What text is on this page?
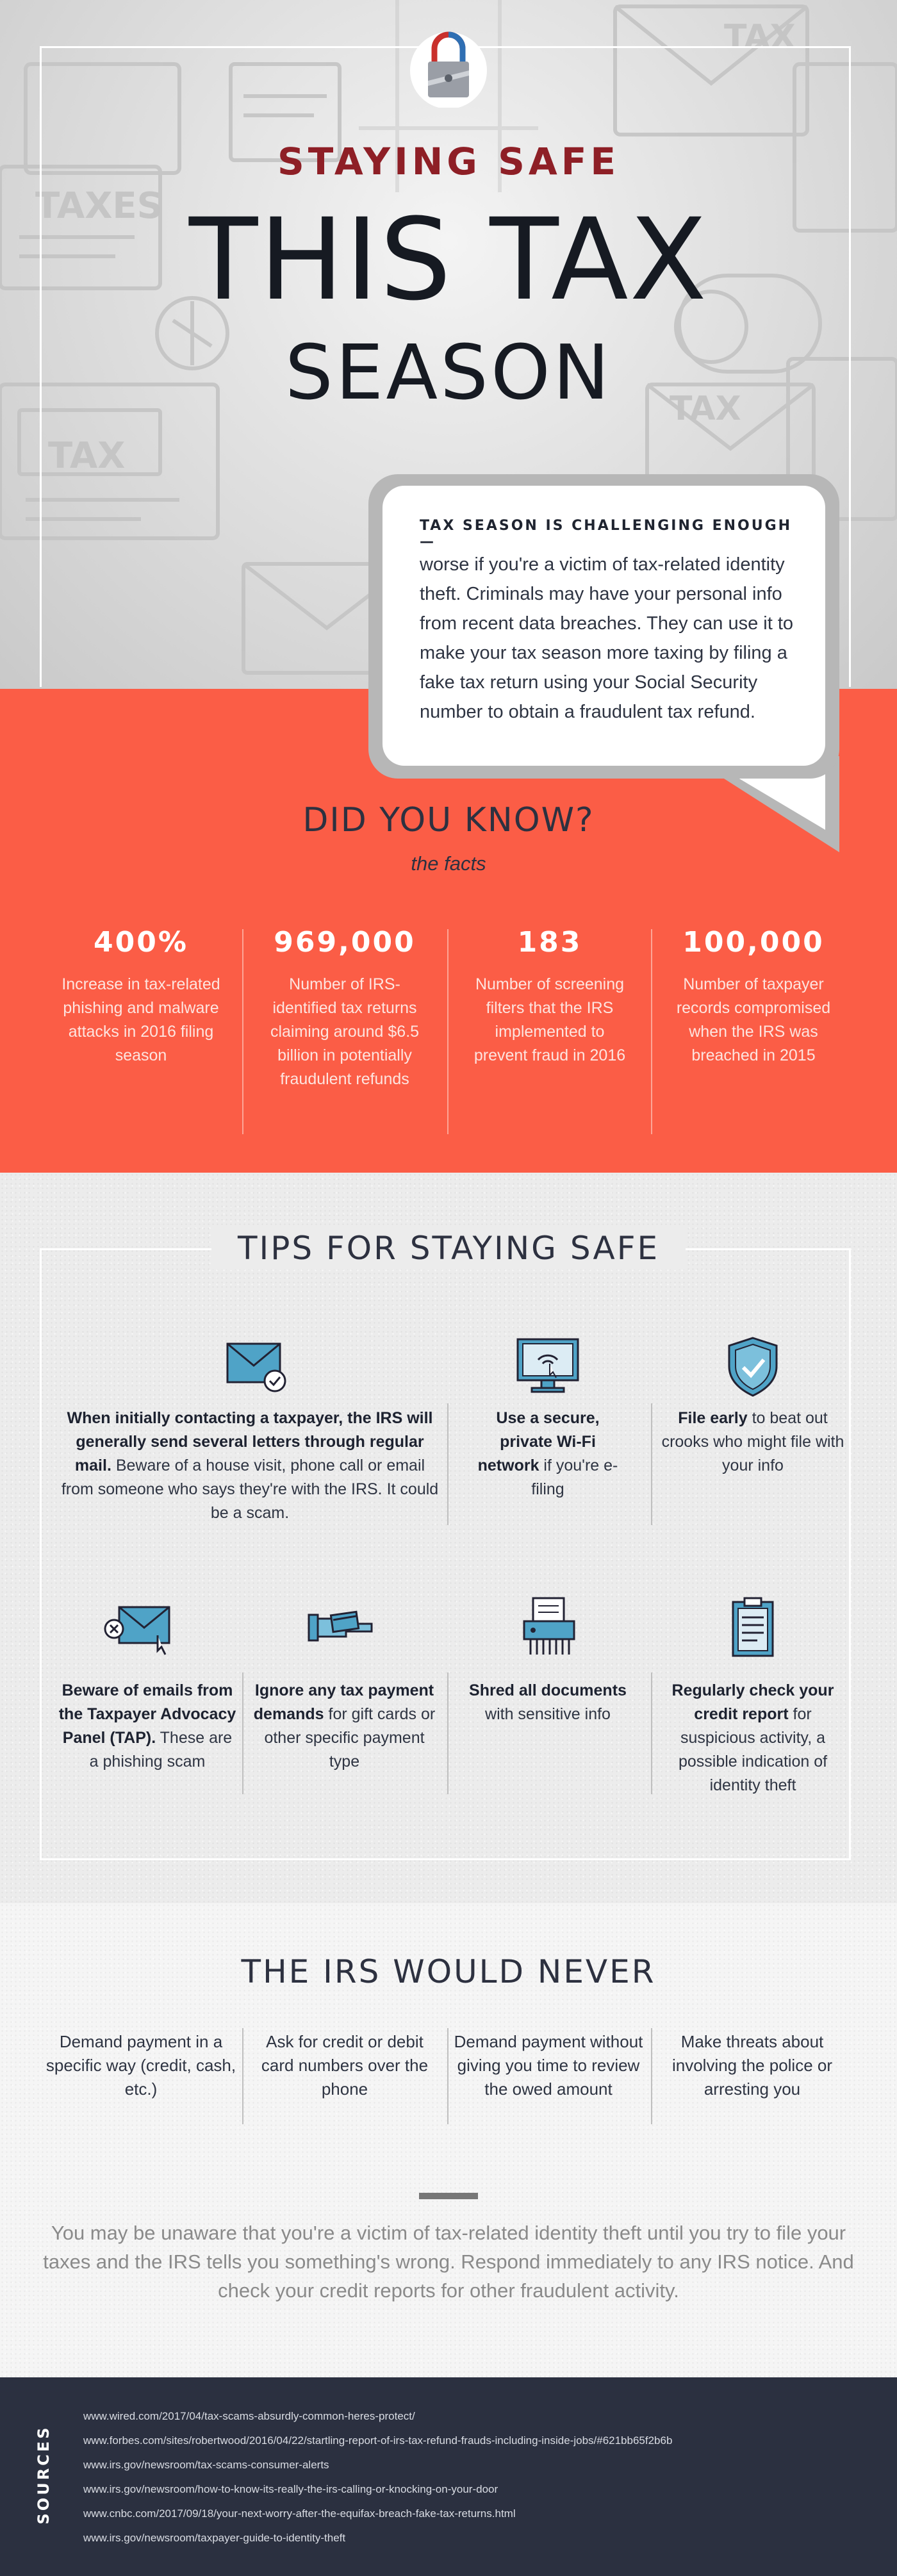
TAX
TAXES
TAX
TAX
STAYING SAFE
THIS TAX
SEASON
DID YOU KNOW?
the facts
400%
Increase in tax-related phishing and malware attacks in 2016 filing season
969,000
Number of IRS-identified tax returns claiming around $6.5 billion in potentially fraudulent refunds
183
Number of screening filters that the IRS implemented to prevent fraud in 2016
100,000
Number of taxpayer records compromised when the IRS was breached in 2015
TAX SEASON IS CHALLENGING ENOUGH—
worse if you're a victim of tax-related identity theft. Criminals may have your personal info from recent data breaches. They can use it to make your tax season more taxing by filing a fake tax return using your Social Security number to obtain a fraudulent tax refund.
TIPS FOR STAYING SAFE
When initially contacting a taxpayer, the IRS will generally send several letters through regular mail. Beware of a house visit, phone call or email from someone who says they're with the IRS. It could be a scam.
Use a secure, private Wi-Fi network if you're e-filing
File early to beat out crooks who might file with your info
Beware of emails from the Taxpayer Advocacy Panel (TAP). These are a phishing scam
Ignore any tax payment demands for gift cards or other specific payment type
Shred all documents with sensitive info
Regularly check your credit report for suspicious activity, a possible indication of identity theft
THE IRS WOULD NEVER
Demand payment in a specific way (credit, cash, etc.)
Ask for credit or debit card numbers over the phone
Demand payment without giving you time to review the owed amount
Make threats about involving the police or arresting you
You may be unaware that you're a victim of tax-related identity theft until you try to file your taxes and the IRS tells you something's wrong. Respond immediately to any IRS notice. And check your credit reports for other fraudulent activity.
SOURCES
www.wired.com/2017/04/tax-scams-absurdly-common-heres-protect/
www.forbes.com/sites/robertwood/2016/04/22/startling-report-of-irs-tax-refund-frauds-including-inside-jobs/#621bb65f2b6b
www.irs.gov/newsroom/tax-scams-consumer-alerts
www.irs.gov/newsroom/how-to-know-its-really-the-irs-calling-or-knocking-on-your-door
www.cnbc.com/2017/09/18/your-next-worry-after-the-equifax-breach-fake-tax-returns.html
www.irs.gov/newsroom/taxpayer-guide-to-identity-theft
